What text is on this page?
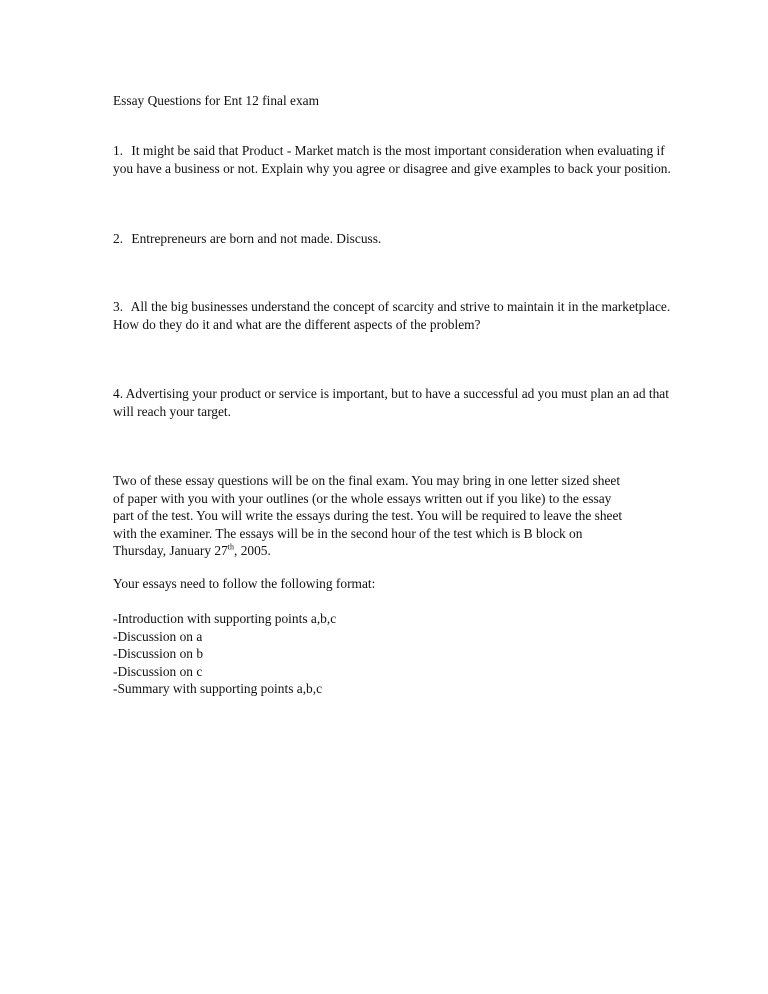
Essay Questions for Ent 12 final exam

1. It might be said that Product - Market match is the most important consideration when evaluating if you have a business or not. Explain why you agree or disagree and give examples to back your position.

2. Entrepreneurs are born and not made. Discuss.

3. All the big businesses understand the concept of scarcity and strive to maintain it in the marketplace. How do they do it and what are the different aspects of the problem?

4. Advertising your product or service is important, but to have a successful ad you must plan an ad that will reach your target.

Two of these essay questions will be on the final exam. You may bring in one letter sized sheet of paper with you with your outlines (or the whole essays written out if you like) to the essay part of the test. You will write the essays during the test. You will be required to leave the sheet with the examiner. The essays will be in the second hour of the test which is B block on Thursday, January 27th, 2005.

Your essays need to follow the following format:

-Introduction with supporting points a,b,c
-Discussion on a
-Discussion on b
-Discussion on c
-Summary with supporting points a,b,c
